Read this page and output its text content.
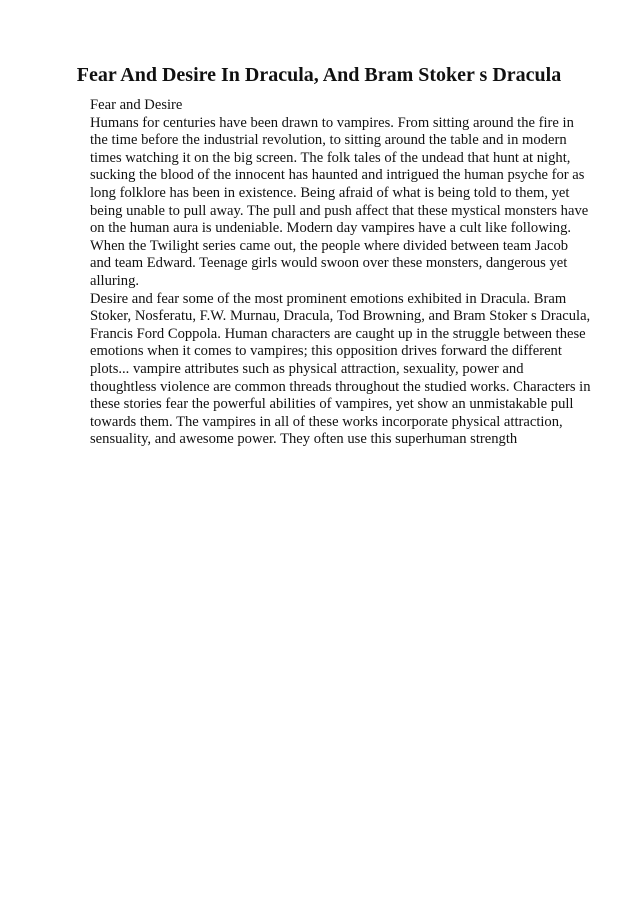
Fear And Desire In Dracula, And Bram Stoker s Dracula
Fear and Desire
Humans for centuries have been drawn to vampires. From sitting around the fire in
the time before the industrial revolution, to sitting around the table and in modern
times watching it on the big screen. The folk tales of the undead that hunt at night,
sucking the blood of the innocent has haunted and intrigued the human psyche for as
long folklore has been in existence. Being afraid of what is being told to them, yet
being unable to pull away. The pull and push affect that these mystical monsters have
on the human aura is undeniable. Modern day vampires have a cult like following.
When the Twilight series came out, the people where divided between team Jacob
and team Edward. Teenage girls would swoon over these monsters, dangerous yet
alluring.
Desire and fear some of the most prominent emotions exhibited in Dracula. Bram
Stoker, Nosferatu, F.W. Murnau, Dracula, Tod Browning, and Bram Stoker s Dracula,
Francis Ford Coppola. Human characters are caught up in the struggle between these
emotions when it comes to vampires; this opposition drives forward the different
plots... vampire attributes such as physical attraction, sexuality, power and
thoughtless violence are common threads throughout the studied works. Characters in
these stories fear the powerful abilities of vampires, yet show an unmistakable pull
towards them. The vampires in all of these works incorporate physical attraction,
sensuality, and awesome power. They often use this superhuman strength
